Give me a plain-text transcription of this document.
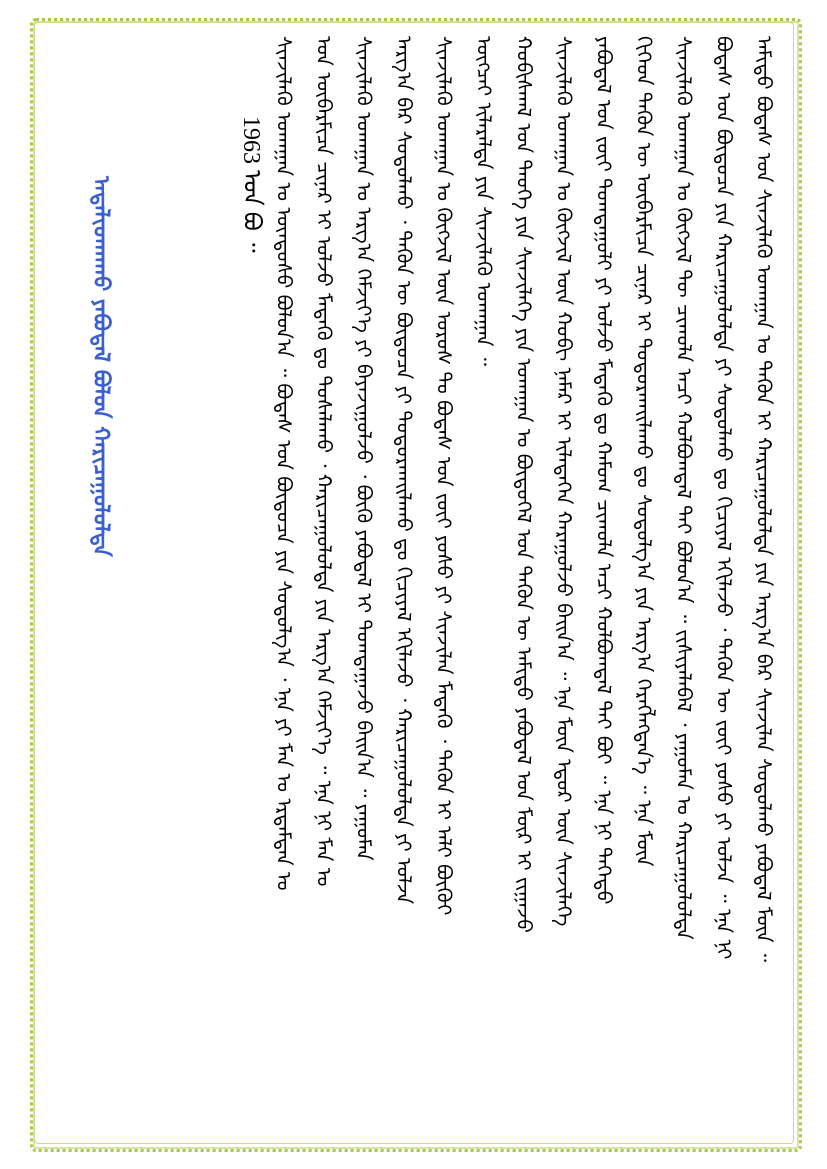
ᠠᠳᠠᠯᠢᠳᠬᠠᠬᠤ ᠶᠠᠪᠤᠳᠠᠯ ᠪᠣᠯᠤᠨ ᠬᠠᠷᠢᠴᠠᠭᠤᠯᠤᠯᠲᠠ	1963 ᠣᠨ ᠪᠣ ᠃ ᠰᠢᠨᠵᠢᠯᠡᠬᠦ ᠤᠬᠠᠭᠠᠨ ᠤ ᠦᠨᠳᠦᠰᠦ ᠪᠣᠯᠤᠨ᠎ᠠ ᠃ ᠪᠣᠳᠠᠰ ᠤᠨ ᠪᠦᠲᠦᠴᠡ ᠶᠢᠨ ᠰᠤᠳᠤᠯᠭ᠎ᠠ ᠂ ᠡᠨᠡ ᠶᠢ ᠮᠠᠨ ᠤ ᠡᠷᠳᠡᠮᠲᠡᠨ ᠤ ᠤᠨ ᠥᠪᠡᠷᠮᠢᠴᠡ ᠴᠢᠨᠠᠷ ᠢ ᠣᠯᠵᠤ ᠮᠡᠳᠡᠬᠦ ᠳᠤ ᠲᠤᠰᠠᠯᠠᠬᠤ ᠂ ᠬᠠᠷᠢᠴᠠᠭᠤᠯᠤᠯᠲᠠ ᠶᠢᠨ ᠠᠷᠭ᠎ᠠ ᠬᠡᠮᠵᠢᠶ᠎ᠡ ᠃ ᠡᠨᠡ ᠨᠢ ᠮᠠᠨ ᠤ ᠰᠢᠨᠵᠢᠯᠡᠬᠦ ᠤᠬᠠᠭᠠᠨ ᠤ ᠠᠷᠭ᠎ᠠ ᠬᠡᠮᠵᠢᠶ᠎ᠡ ᠶᠢ ᠪᠠᠶᠠᠵᠢᠭᠤᠯᠵᠤ ᠂ ᠪᠦᠬᠦ ᠶᠠᠪᠤᠳᠠᠯ ᠢ ᠲᠣᠭᠲᠠᠭᠠᠵᠤ ᠪᠠᠢᠨ᠎ᠠ ᠃ ᠶᠠᠭᠤᠮᠠᠨ ᠠᠷᠭ᠎ᠠ ᠪᠠᠷ ᠰᠤᠳᠤᠯᠬᠤ ᠂ ᠲᠡᠭᠦᠨ ᠦ ᠪᠦᠲᠦᠴᠡ ᠶᠢ ᠲᠣᠳᠤᠷᠬᠠᠢᠯᠠᠬᠤ ᠳᠤ ᠬᠢᠴᠢᠶᠡᠯ ᠡᠬᠢᠯᠡᠵᠦ ᠂ ᠬᠠᠷᠢᠴᠠᠭᠤᠯᠤᠯᠲᠠ ᠶᠢ ᠣᠯᠵᠠ ᠰᠢᠨᠵᠢᠯᠡᠬᠦ ᠤᠬᠠᠭᠠᠨ ᠤ ᠬᠥᠭᠵᠢᠯ ᠦᠨ ᠤᠷᠤᠰ ᠲᠤ ᠪᠣᠳᠠᠰ ᠤᠨ ᠵᠦᠢ ᠶᠣᠰᠣ ᠶᠢ ᠰᠢᠨᠵᠢᠯᠡᠨ ᠮᠡᠳᠡᠬᠦ ᠂ ᠲᠡᠭᠦᠨ ᠢ ᠠᠯᠢ ᠪᠦᠬᠦᠢ ᠥᠭᠴᠡᠢ ᠢᠯᠡᠷᠡᠯᠲᠡ ᠶᠢᠨ ᠰᠢᠨᠵᠢᠯᠡᠬᠦ ᠤᠬᠠᠭᠠᠨ ᠃ ᠬᠤᠪᠢᠰᠬᠠᠯ ᠤᠨ ᠲᠡᠦᠬᠡ ᠶᠢᠨ ᠰᠢᠨᠵᠢᠯᠡᠭᠡ ᠶᠢᠨ ᠤᠬᠠᠭᠠᠨ ᠤ ᠪᠦᠲᠦᠭᠡᠯ ᠤᠨ ᠲᠡᠭᠦᠨ ᠦ ᠠᠮᠢᠳᠤ ᠶᠠᠪᠤᠳᠠᠯ ᠤᠨ ᠮᠥᠷ ᠢ ᠵᠢᠭᠠᠵᠤ ᠰᠢᠨᠵᠢᠯᠡᠬᠦ ᠤᠬᠠᠭᠠᠨ ᠤ ᠬᠥᠭᠵᠢᠯ ᠦᠨ ᠬᠤᠪᠢ ᠨᠡᠮᠡᠷ ᠢ ᠢᠯᠡᠲᠡᠬᠡᠨ ᠬᠠᠷᠠᠭᠤᠯᠵᠤ ᠪᠠᠢᠨ᠎ᠠ ᠃ ᠡᠨᠡ ᠮᠦᠨ ᠡᠳᠦᠷ ᠦᠨ ᠰᠢᠨᠵᠢᠯᠡᠭᠡ ᠶᠠᠪᠤᠳᠠᠯ ᠤᠨ ᠵᠦᠢ ᠲᠣᠭᠲᠠᠭᠤᠯᠢ ᠶᠢ ᠣᠯᠵᠤ ᠮᠡᠳᠡᠬᠦ ᠳᠤ ᠬᠠᠮᠤᠭ ᠴᠢᠬᠤᠯᠠ ᠠᠴᠢ ᠬᠣᠯᠪᠣᠭᠳᠠᠯ ᠲᠠᠢ ᠪᠤᠢ ᠃ ᠡᠨᠡ ᠨᠢ ᠳᠡᠭᠡᠳᠦ ᠬᠢᠭᠡᠳ ᠲᠡᠭᠦᠨ ᠦ ᠥᠪᠡᠷᠮᠢᠴᠡ ᠴᠢᠨᠠᠷ ᠢ ᠲᠣᠳᠤᠷᠬᠠᠢᠯᠠᠬᠤ ᠳᠤ ᠰᠤᠳᠤᠯᠭ᠎ᠠ ᠶᠢᠨ ᠠᠷᠭ᠎ᠠ ᠬᠡᠷᠡᠭᠯᠡᠭᠳᠡᠨ᠎ᠡ ᠃ ᠡᠨᠡ ᠮᠦᠨ ᠰᠢᠨᠵᠢᠯᠡᠬᠦ ᠤᠬᠠᠭᠠᠨ ᠤ ᠬᠥᠭᠵᠢᠯ ᠲᠦ ᠴᠢᠬᠤᠯᠠ ᠠᠴᠢ ᠬᠣᠯᠪᠣᠭᠳᠠᠯ ᠲᠠᠢ ᠪᠣᠯᠤᠨ᠎ᠠ ᠃ ᠵᠢᠱᠢᠶᠡᠯᠡᠪᠡᠯ ᠂ ᠶᠠᠭᠤᠮᠠᠨ ᠤ ᠬᠠᠷᠢᠴᠠᠭᠤᠯᠤᠯᠲᠠ ᠪᠣᠳᠠᠰ ᠤᠨ ᠪᠦᠲᠦᠴᠡ ᠶᠢᠨ ᠬᠠᠷᠢᠴᠠᠭᠤᠯᠤᠯᠲᠠ ᠶᠢ ᠰᠤᠳᠤᠯᠬᠤ ᠳᠤ ᠬᠢᠴᠢᠶᠡᠯ ᠡᠬᠢᠯᠡᠵᠦ ᠂ ᠲᠡᠭᠦᠨ ᠦ ᠵᠦᠢ ᠶᠣᠰᠣ ᠶᠢ ᠣᠯᠵᠠ ᠃ ᠡᠨᠡ ᠨᠢ ᠠᠮᠢᠳᠤ ᠪᠣᠳᠠᠰ ᠤᠨ ᠰᠢᠨᠵᠢᠯᠡᠬᠦ ᠤᠬᠠᠭᠠᠨ ᠤ ᠲᠡᠭᠦᠨ ᠢ ᠬᠠᠷᠢᠴᠠᠭᠤᠯᠤᠯᠲᠠ ᠶᠢᠨ ᠠᠷᠭ᠎ᠠ ᠪᠠᠷ ᠰᠢᠨᠵᠢᠯᠡᠨ ᠰᠣᠳᠤᠯᠬᠤ ᠶᠠᠪᠤᠳᠠᠯ ᠮᠥᠨ ᠃
